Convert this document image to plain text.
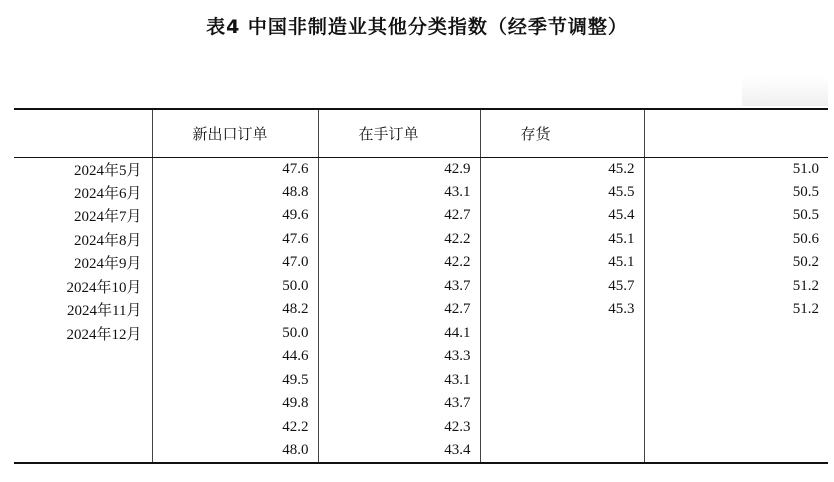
表4 中国非制造业其他分类指数（经季节调整）
	新出口订单	在手订单	存货	
2024年5月	47.6	42.9	45.2	51.0
2024年6月	48.8	43.1	45.5	50.5
2024年7月	49.6	42.7	45.4	50.5
2024年8月	47.6	42.2	45.1	50.6
2024年9月	47.0	42.2	45.1	50.2
2024年10月	50.0	43.7	45.7	51.2
2024年11月	48.2	42.7	45.3	51.2
2024年12月	50.0	44.1		
	44.6	43.3		
	49.5	43.1		
	49.8	43.7		
	42.2	42.3		
	48.0	43.4		
